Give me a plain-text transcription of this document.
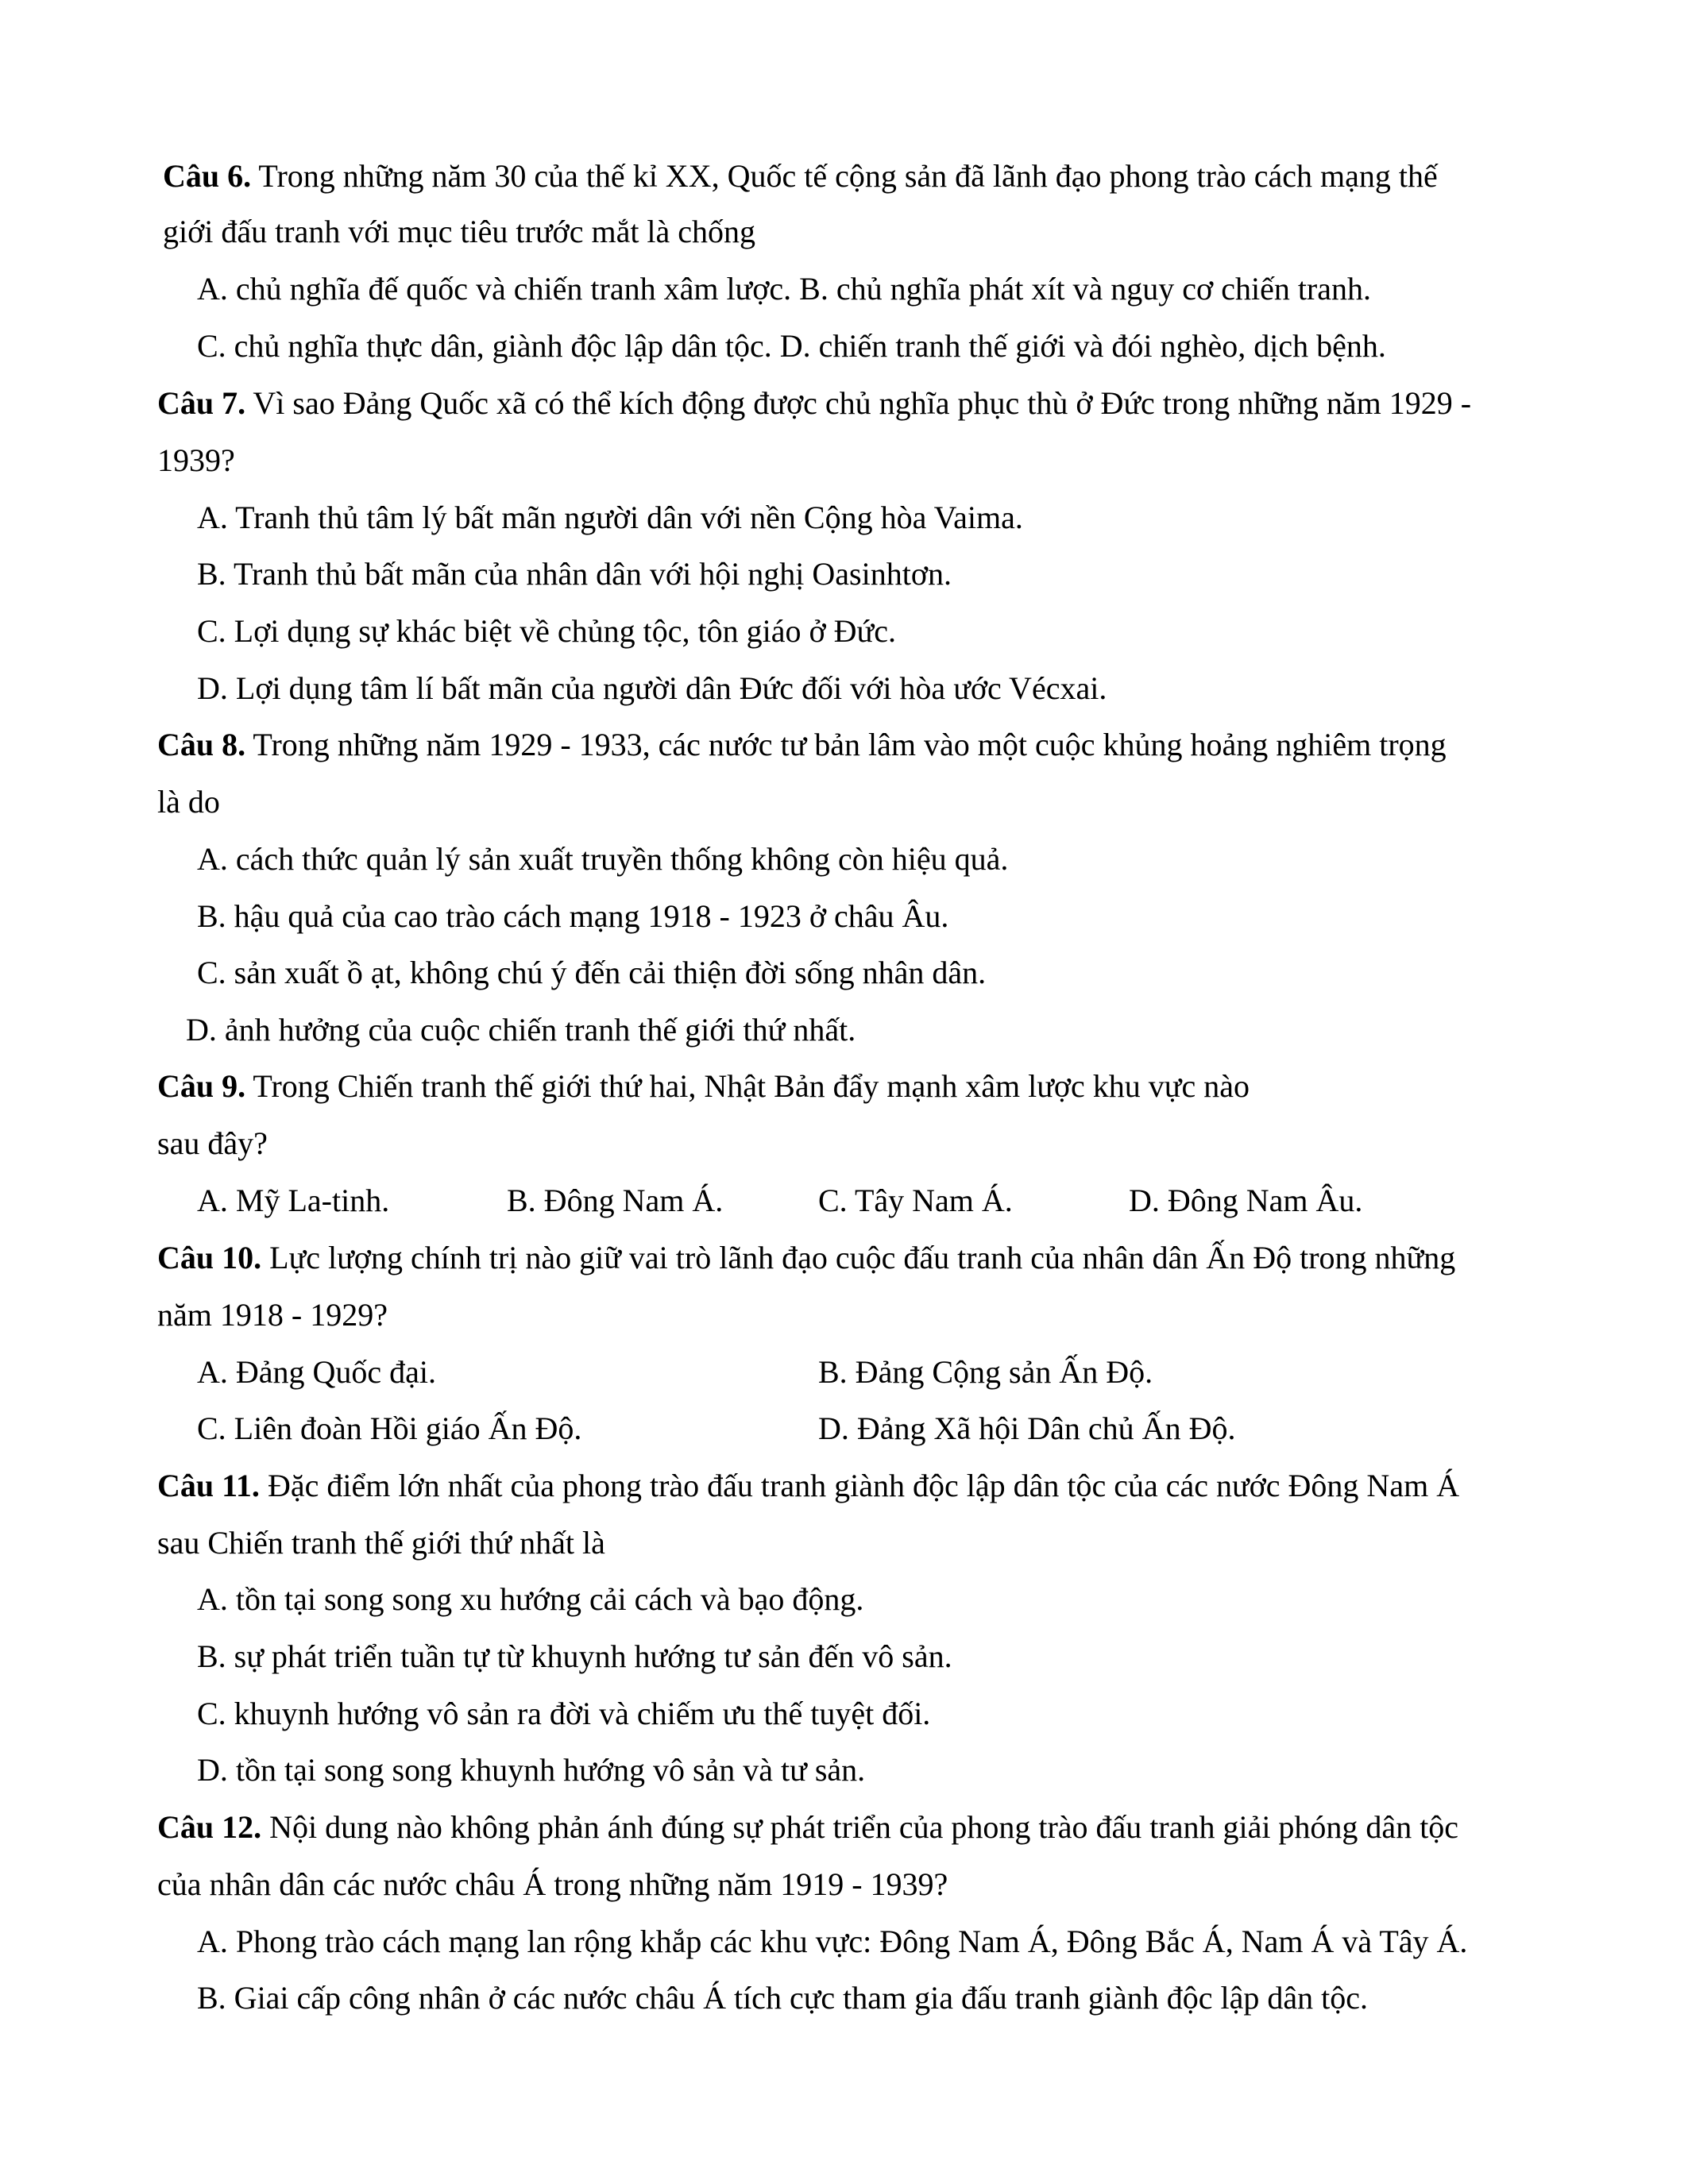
Câu 6. Trong những năm 30 của thế kỉ XX, Quốc tế cộng sản đã lãnh đạo phong trào cách mạng thế
giới đấu tranh với mục tiêu trước mắt là chống
A. chủ nghĩa đế quốc và chiến tranh xâm lược. B. chủ nghĩa phát xít và nguy cơ chiến tranh.
C. chủ nghĩa thực dân, giành độc lập dân tộc. D. chiến tranh thế giới và đói nghèo, dịch bệnh.
Câu 7. Vì sao Đảng Quốc xã có thể kích động được chủ nghĩa phục thù ở Đức trong những năm 1929 -
1939?
A. Tranh thủ tâm lý bất mãn người dân với nền Cộng hòa Vaima.
B. Tranh thủ bất mãn của nhân dân với hội nghị Oasinhtơn.
C. Lợi dụng sự khác biệt về chủng tộc, tôn giáo ở Đức.
D. Lợi dụng tâm lí bất mãn của người dân Đức đối với hòa ước Vécxai.
Câu 8. Trong những năm 1929 - 1933, các nước tư bản lâm vào một cuộc khủng hoảng nghiêm trọng
là do
A. cách thức quản lý sản xuất truyền thống không còn hiệu quả.
B. hậu quả của cao trào cách mạng 1918 - 1923 ở châu Âu.
C. sản xuất ồ ạt, không chú ý đến cải thiện đời sống nhân dân.
D. ảnh hưởng của cuộc chiến tranh thế giới thứ nhất.
Câu 9. Trong Chiến tranh thế giới thứ hai, Nhật Bản đẩy mạnh xâm lược khu vực nào
sau đây?
A. Mỹ La-tinh.	B. Đông Nam Á.	C. Tây Nam Á.	D. Đông Nam Âu.
Câu 10. Lực lượng chính trị nào giữ vai trò lãnh đạo cuộc đấu tranh của nhân dân Ấn Độ trong những
năm 1918 - 1929?
A. Đảng Quốc đại.	B. Đảng Cộng sản Ấn Độ.
C. Liên đoàn Hồi giáo Ấn Độ.	D. Đảng Xã hội Dân chủ Ấn Độ.
Câu 11. Đặc điểm lớn nhất của phong trào đấu tranh giành độc lập dân tộc của các nước Đông Nam Á
sau Chiến tranh thế giới thứ nhất là
A. tồn tại song song xu hướng cải cách và bạo động.
B. sự phát triển tuần tự từ khuynh hướng tư sản đến vô sản.
C. khuynh hướng vô sản ra đời và chiếm ưu thế tuyệt đối.
D. tồn tại song song khuynh hướng vô sản và tư sản.
Câu 12. Nội dung nào không phản ánh đúng sự phát triển của phong trào đấu tranh giải phóng dân tộc
của nhân dân các nước châu Á trong những năm 1919 - 1939?
A. Phong trào cách mạng lan rộng khắp các khu vực: Đông Nam Á, Đông Bắc Á, Nam Á và Tây Á.
B. Giai cấp công nhân ở các nước châu Á tích cực tham gia đấu tranh giành độc lập dân tộc.
